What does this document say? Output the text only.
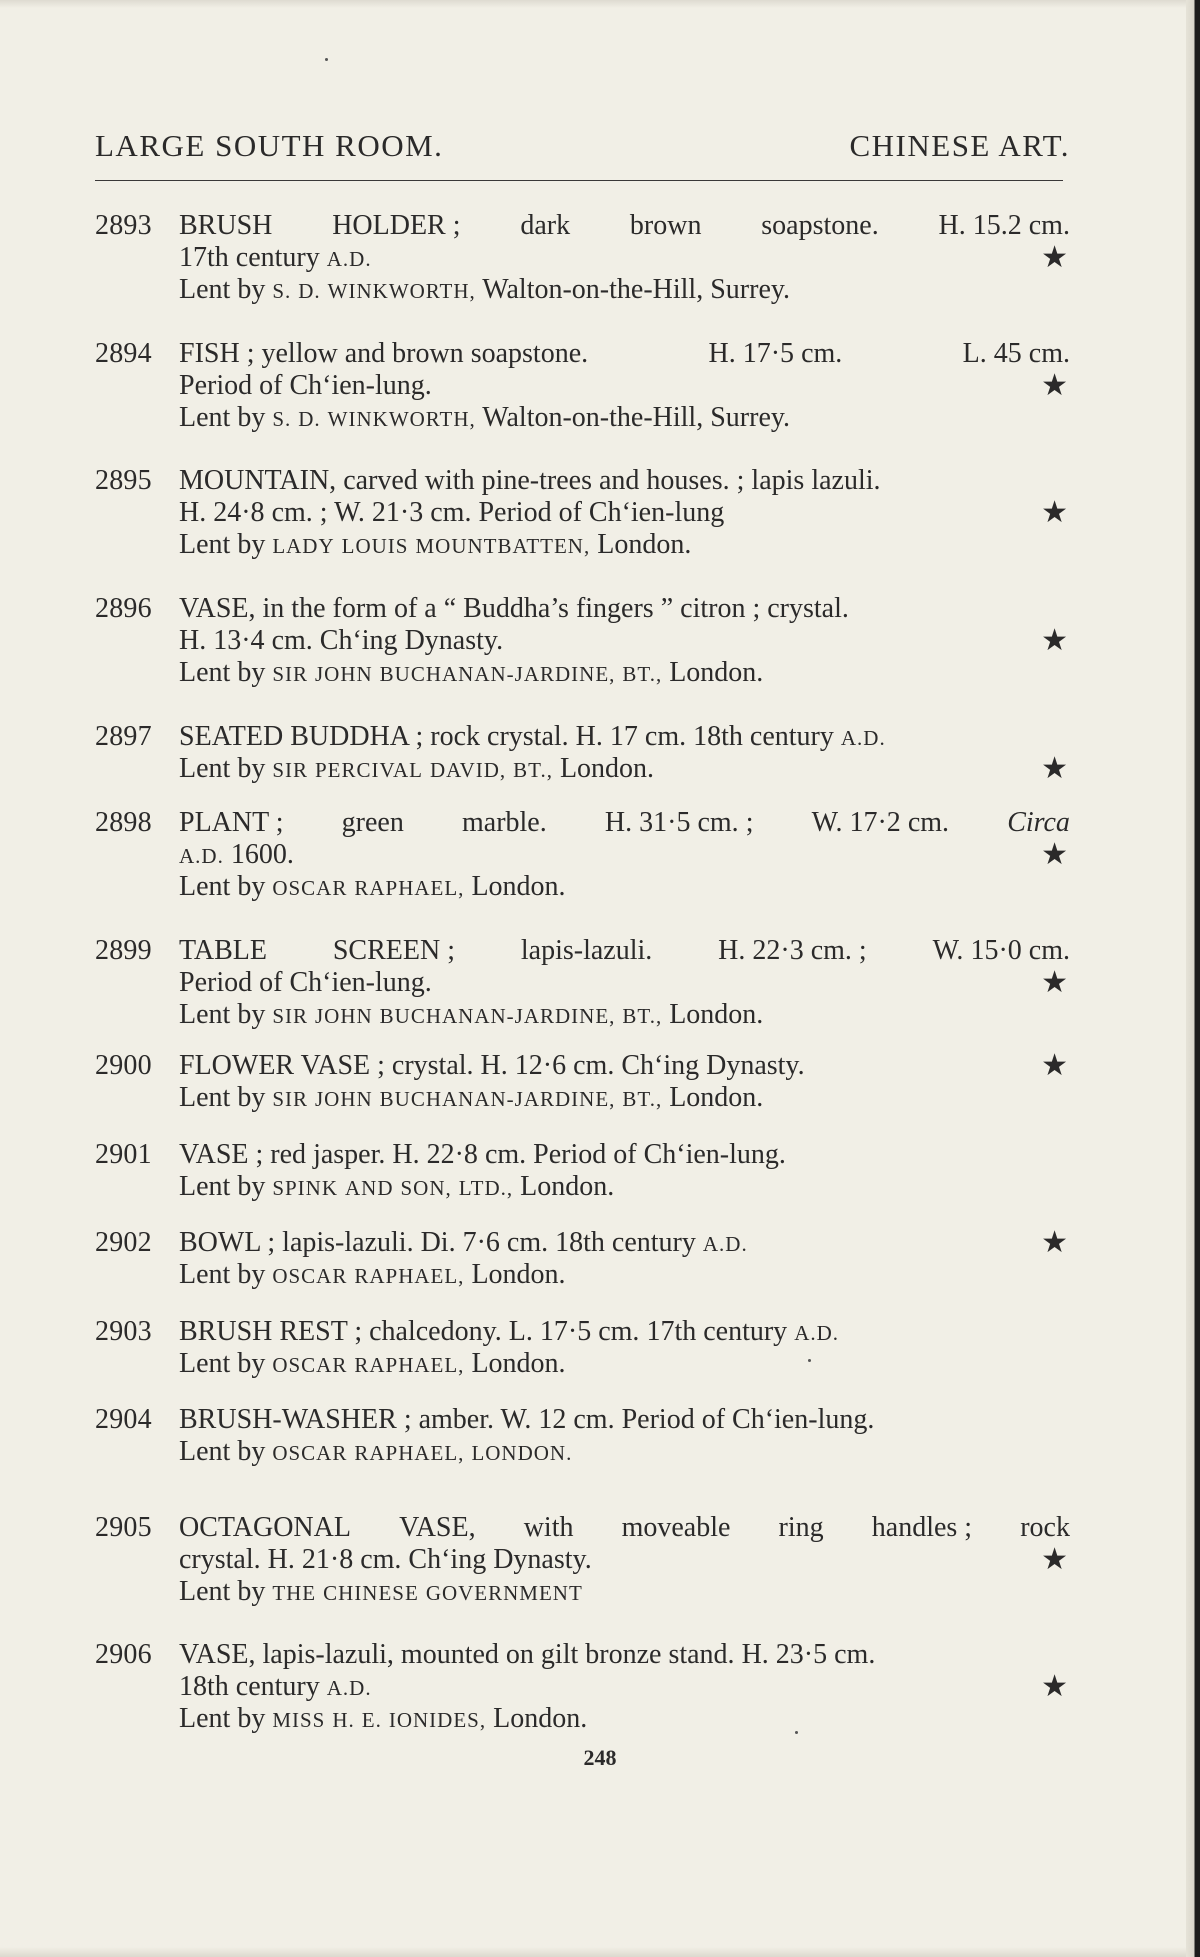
LARGE SOUTH ROOM.	CHINESE ART.
2893 BRUSH HOLDER ; dark brown soapstone. H. 15.2 cm.
17th century A.D.	★
Lent by S. D. WINKWORTH, Walton-on-the-Hill, Surrey.
2894 FISH ; yellow and brown soapstone.	H. 17·5 cm.	L. 45 cm.
Period of Ch‘ien-lung.	★
Lent by S. D. WINKWORTH, Walton-on-the-Hill, Surrey.
2895 MOUNTAIN, carved with pine-trees and houses. ; lapis lazuli.
H. 24·8 cm. ; W. 21·3 cm. Period of Ch‘ien-lung	★
Lent by LADY LOUIS MOUNTBATTEN, London.
2896 VASE, in the form of a “ Buddha’s fingers ” citron ; crystal.
H. 13·4 cm. Ch‘ing Dynasty.	★
Lent by SIR JOHN BUCHANAN-JARDINE, BT., London.
2897 SEATED BUDDHA ; rock crystal. H. 17 cm. 18th century A.D.
Lent by SIR PERCIVAL DAVID, BT., London.	★
2898 PLANT ; green marble. H. 31·5 cm. ; W. 17·2 cm. Circa
A.D. 1600.	★
Lent by OSCAR RAPHAEL, London.
2899 TABLE SCREEN ; lapis-lazuli. H. 22·3 cm. ; W. 15·0 cm.
Period of Ch‘ien-lung.	★
Lent by SIR JOHN BUCHANAN-JARDINE, BT., London.
2900 FLOWER VASE ; crystal. H. 12·6 cm. Ch‘ing Dynasty.	★
Lent by SIR JOHN BUCHANAN-JARDINE, BT., London.
2901 VASE ; red jasper. H. 22·8 cm. Period of Ch‘ien-lung.
Lent by SPINK AND SON, LTD., London.
2902 BOWL ; lapis-lazuli. Di. 7·6 cm. 18th century A.D.	★
Lent by OSCAR RAPHAEL, London.
2903 BRUSH REST ; chalcedony. L. 17·5 cm. 17th century A.D.
Lent by OSCAR RAPHAEL, London.
2904 BRUSH-WASHER ; amber. W. 12 cm. Period of Ch‘ien-lung.
Lent by OSCAR RAPHAEL, LONDON.
2905 OCTAGONAL VASE, with moveable ring handles ; rock
crystal. H. 21·8 cm. Ch‘ing Dynasty.	★
Lent by THE CHINESE GOVERNMENT
2906 VASE, lapis-lazuli, mounted on gilt bronze stand. H. 23·5 cm.
18th century A.D.	★
Lent by MISS H. E. IONIDES, London.
248
